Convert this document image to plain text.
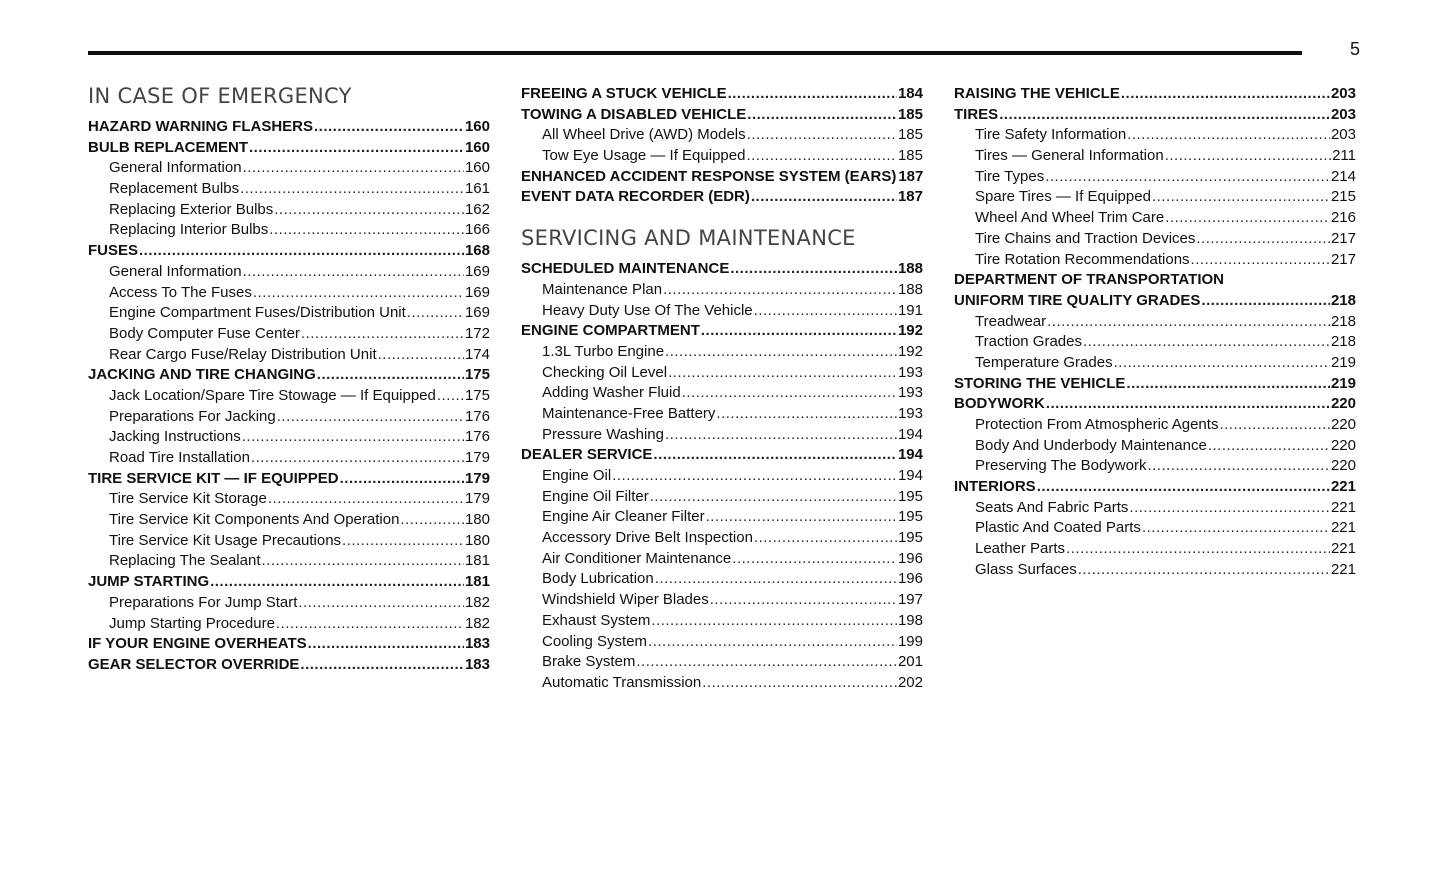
5
IN CASE OF EMERGENCY
HAZARD WARNING FLASHERS .....	160
BULB REPLACEMENT .....	160
General Information .....	160
Replacement Bulbs .....	161
Replacing Exterior Bulbs .....	162
Replacing Interior Bulbs .....	166
FUSES .....	168
General Information .....	169
Access To The Fuses .....	169
Engine Compartment Fuses/Distribution Unit .....	169
Body Computer Fuse Center .....	172
Rear Cargo Fuse/Relay Distribution Unit .....	174
JACKING AND TIRE CHANGING .....	175
Jack Location/Spare Tire Stowage — If Equipped ..... 175
Preparations For Jacking .....	176
Jacking Instructions .....	176
Road Tire Installation .....	179
TIRE SERVICE KIT — IF EQUIPPED .....	179
Tire Service Kit Storage .....	179
Tire Service Kit Components And Operation .....	180
Tire Service Kit Usage Precautions .....	180
Replacing The Sealant .....	181
JUMP STARTING .....	181
Preparations For Jump Start .....	182
Jump Starting Procedure .....	182
IF YOUR ENGINE OVERHEATS .....	183
GEAR SELECTOR OVERRIDE .....	183
FREEING A STUCK VEHICLE .....	184
TOWING A DISABLED VEHICLE .....	185
All Wheel Drive (AWD) Models .....	185
Tow Eye Usage — If Equipped .....	185
ENHANCED ACCIDENT RESPONSE SYSTEM (EARS) 187
EVENT DATA RECORDER (EDR) .....	187
SERVICING AND MAINTENANCE
SCHEDULED MAINTENANCE .....	188
Maintenance Plan .....	188
Heavy Duty Use Of The Vehicle .....	191
ENGINE COMPARTMENT .....	192
1.3L Turbo Engine .....	192
Checking Oil Level .....	193
Adding Washer Fluid .....	193
Maintenance-Free Battery .....	193
Pressure Washing .....	194
DEALER SERVICE .....	194
Engine Oil .....	194
Engine Oil Filter .....	195
Engine Air Cleaner Filter .....	195
Accessory Drive Belt Inspection .....	195
Air Conditioner Maintenance .....	196
Body Lubrication .....	196
Windshield Wiper Blades .....	197
Exhaust System .....	198
Cooling System .....	199
Brake System .....	201
Automatic Transmission .....	202
RAISING THE VEHICLE .....	203
TIRES .....	203
Tire Safety Information .....	203
Tires — General Information .....	211
Tire Types .....	214
Spare Tires — If Equipped .....	215
Wheel And Wheel Trim Care .....	216
Tire Chains and Traction Devices .....	217
Tire Rotation Recommendations .....	217
DEPARTMENT OF TRANSPORTATION
UNIFORM TIRE QUALITY GRADES .....	218
Treadwear .....	218
Traction Grades .....	218
Temperature Grades .....	219
STORING THE VEHICLE .....	219
BODYWORK .....	220
Protection From Atmospheric Agents .....	220
Body And Underbody Maintenance .....	220
Preserving The Bodywork .....	220
INTERIORS .....	221
Seats And Fabric Parts .....	221
Plastic And Coated Parts .....	221
Leather Parts .....	221
Glass Surfaces .....	221
